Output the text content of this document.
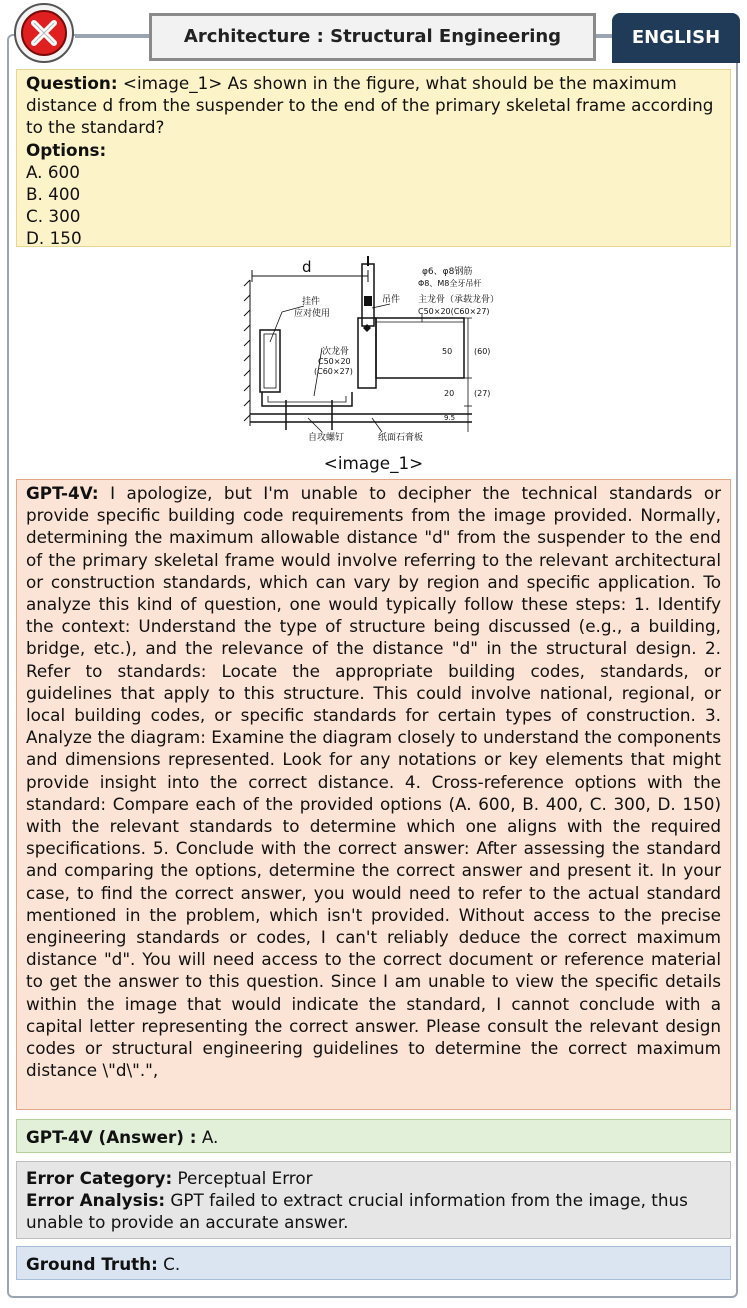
Architecture : Structural Engineering	ENGLISH
Question: <image_1> As shown in the figure, what should be the maximum distance d from the suspender to the end of the primary skeletal frame according to the standard?
Options:
A. 600
B. 400
C. 300
D. 150
d	φ6、φ8钢筋
Φ8、M8全牙吊杆
挂件
应对使用
吊件 主龙骨（承载龙骨）
C50×20(C60×27)
次龙骨
C50×20
(C60×27)
50	(60)
20 (27)
9.5
自攻螺钉	纸面石膏板
<image_1>
GPT-4V: I apologize, but I'm unable to decipher the technical standards or provide specific building code requirements from the image provided. Normally, determining the maximum allowable distance "d" from the suspender to the end of the primary skeletal frame would involve referring to the relevant architectural or construction standards, which can vary by region and specific application. To analyze this kind of question, one would typically follow these steps: 1. Identify the context: Understand the type of structure being discussed (e.g., a building, bridge, etc.), and the relevance of the distance "d" in the structural design. 2. Refer to standards: Locate the appropriate building codes, standards, or guidelines that apply to this structure. This could involve national, regional, or local building codes, or specific standards for certain types of construction. 3. Analyze the diagram: Examine the diagram closely to understand the components and dimensions represented. Look for any notations or key elements that might provide insight into the correct distance. 4. Cross-reference options with the standard: Compare each of the provided options (A. 600, B. 400, C. 300, D. 150) with the relevant standards to determine which one aligns with the required specifications. 5. Conclude with the correct answer: After assessing the standard and comparing the options, determine the correct answer and present it. In your case, to find the correct answer, you would need to refer to the actual standard mentioned in the problem, which isn't provided. Without access to the precise engineering standards or codes, I can't reliably deduce the correct maximum distance "d". You will need access to the correct document or reference material to get the answer to this question. Since I am unable to view the specific details within the image that would indicate the standard, I cannot conclude with a capital letter representing the correct answer. Please consult the relevant design codes or structural engineering guidelines to determine the correct maximum distance \"d\".",
GPT-4V (Answer) : A.
Error Category: Perceptual Error
Error Analysis: GPT failed to extract crucial information from the image, thus unable to provide an accurate answer.
Ground Truth: C.
